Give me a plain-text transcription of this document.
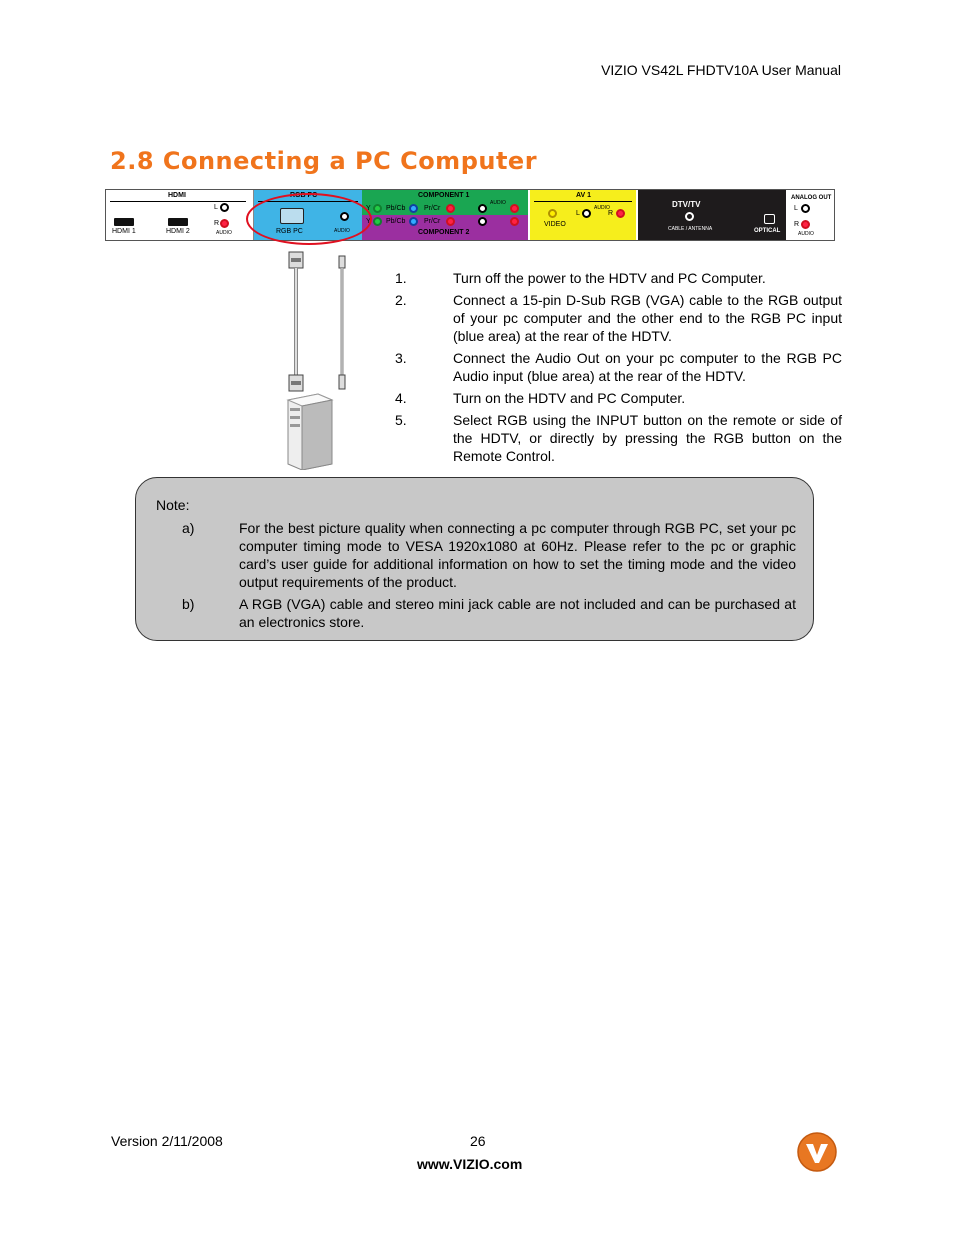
VIZIO VS42L FHDTV10A User Manual
2.8 Connecting a PC Computer
HDMI
HDMI 1	HDMI 2
L
R
AUDIO
RGB PC
RGB PC	AUDIO
COMPONENT 1
Y Pb/Cb	Pr/Cr
AUDIO
Y Pb/Cb	Pr/Cr
COMPONENT 2
AV 1
VIDEO
L
AUDIO
R
DTV/TV
CABLE / ANTENNA	OPTICAL
ANALOG OUT
L
R
AUDIO
1.	Turn off the power to the HDTV and PC Computer.
2.	Connect a 15-pin D-Sub RGB (VGA) cable to the RGB output of your pc computer and the other end to the RGB PC input (blue area) at the rear of the HDTV.
3.	Connect the Audio Out on your pc computer to the RGB PC Audio input (blue area) at the rear of the HDTV.
4.	Turn on the HDTV and PC Computer.
5.	Select RGB using the INPUT button on the remote or side of the HDTV, or directly by pressing the RGB button on the Remote Control.
Note:
a)	For the best picture quality when connecting a pc computer through RGB PC, set your pc computer timing mode to VESA 1920x1080 at 60Hz. Please refer to the pc or graphic card’s user guide for additional information on how to set the timing mode and the video output requirements of the product.
b)	A RGB (VGA) cable and stereo mini jack cable are not included and can be purchased at an electronics store.
Version 2/11/2008	26
www.VIZIO.com
